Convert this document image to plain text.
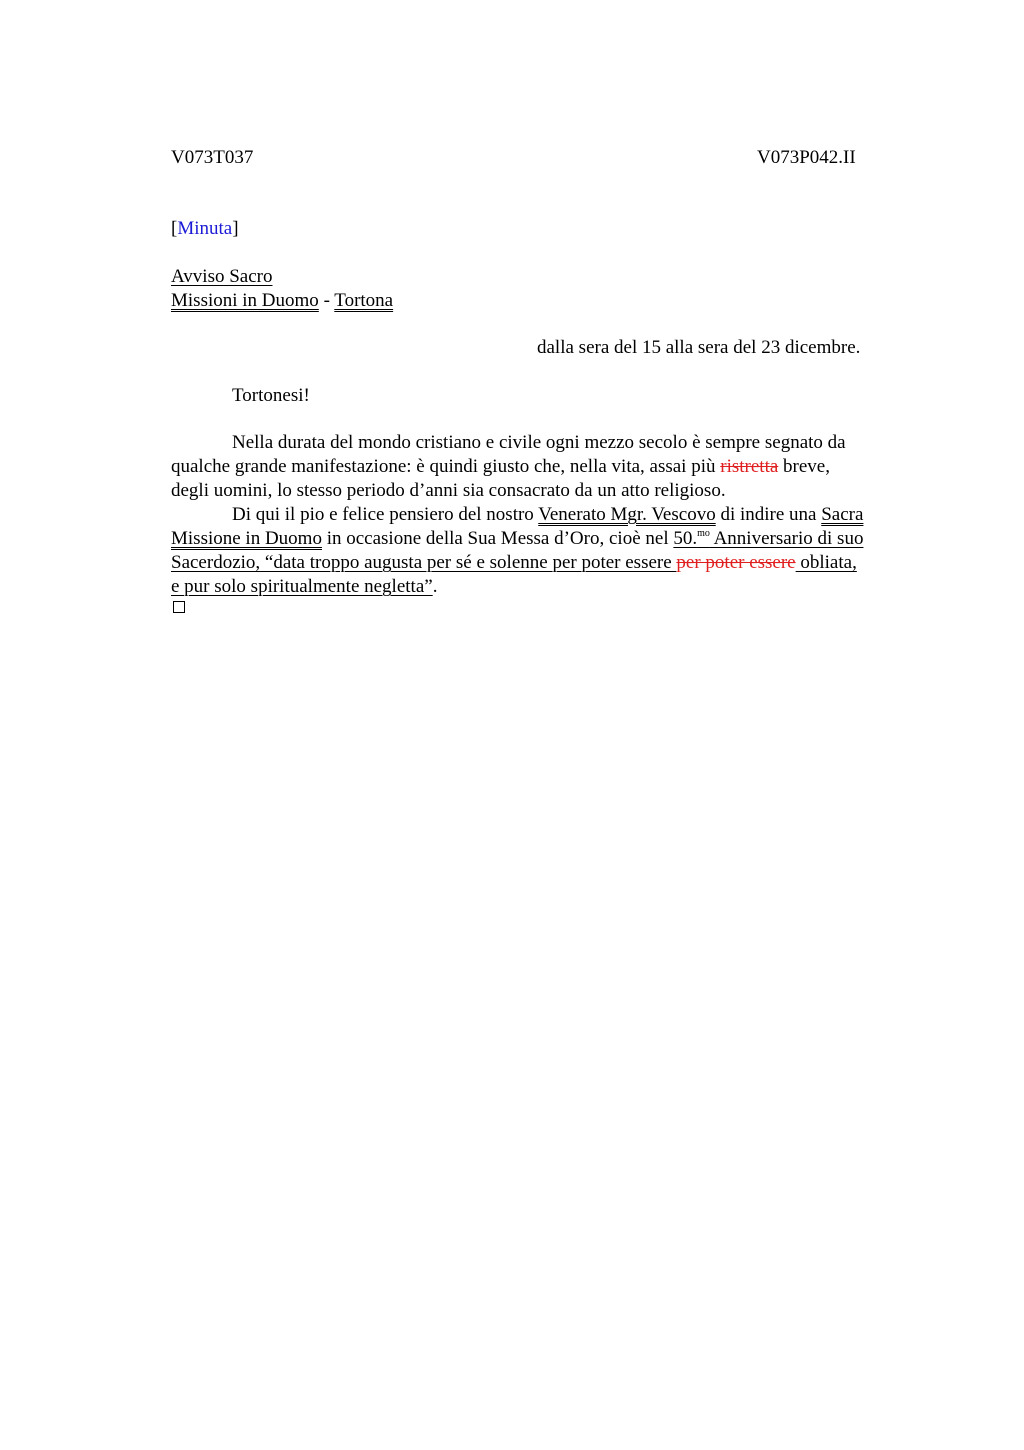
V073T037	V073P042.II
[Minuta]
Avviso Sacro
Missioni in Duomo - Tortona
dalla sera del 15 alla sera del 23 dicembre.
Tortonesi!
Nella durata del mondo cristiano e civile ogni mezzo secolo è sempre segnato da
qualche grande manifestazione: è quindi giusto che, nella vita, assai più ristretta breve,
degli uomini, lo stesso periodo d’anni sia consacrato da un atto religioso.
Di qui il pio e felice pensiero del nostro Venerato Mgr. Vescovo di indire una Sacra
Missione in Duomo in occasione della Sua Messa d’Oro, cioè nel 50.$^{mo}$ Anniversario di suo
Sacerdozio, “data troppo augusta per sé e solenne per poter essere per poter essere obliata,
e pur solo spiritualmente negletta”.
